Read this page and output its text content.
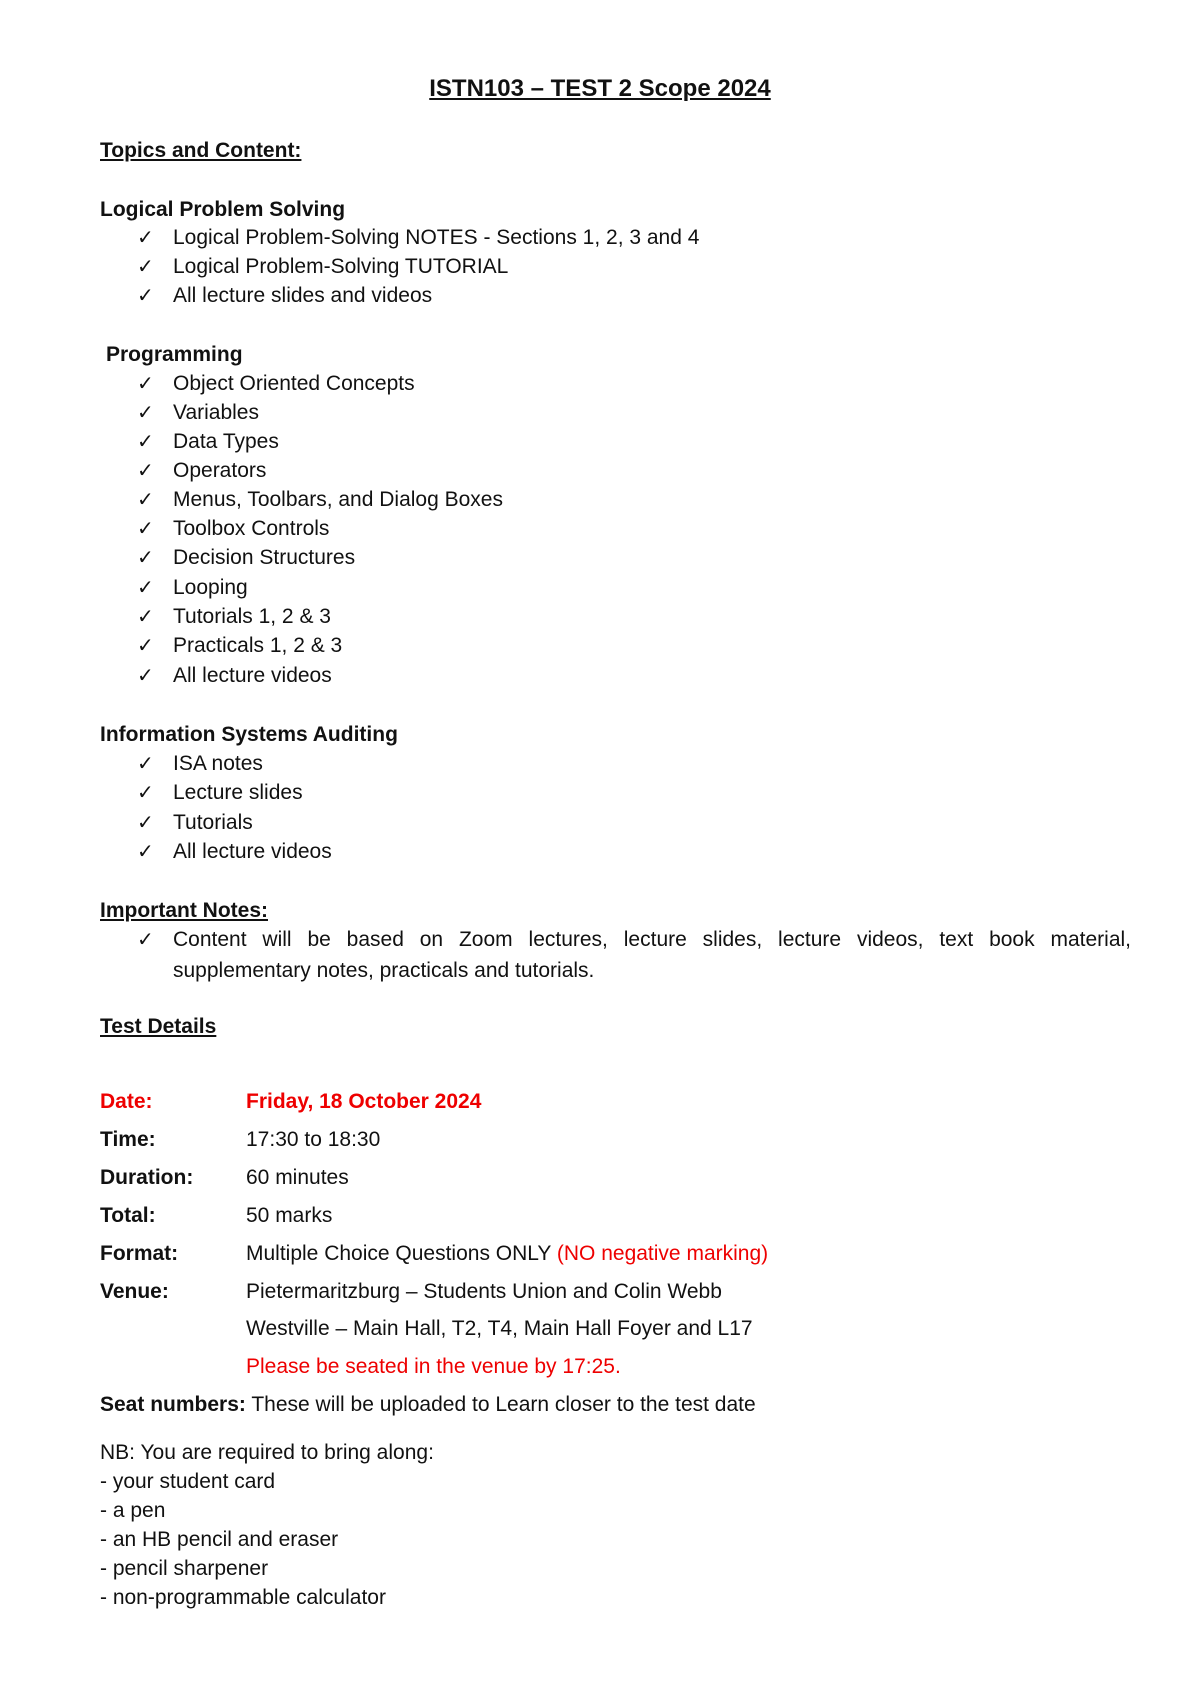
ISTN103 – TEST 2 Scope 2024
Topics and Content:
Logical Problem Solving
✓ Logical Problem-Solving NOTES - Sections 1, 2, 3 and 4
✓ Logical Problem-Solving TUTORIAL
✓ All lecture slides and videos
Programming
✓ Object Oriented Concepts
✓ Variables
✓ Data Types
✓ Operators
✓ Menus, Toolbars, and Dialog Boxes
✓ Toolbox Controls
✓ Decision Structures
✓ Looping
✓ Tutorials 1, 2 & 3
✓ Practicals 1, 2 & 3
✓ All lecture videos
Information Systems Auditing
✓ ISA notes
✓ Lecture slides
✓ Tutorials
✓ All lecture videos
Important Notes:
✓ Content will be based on Zoom lectures, lecture slides, lecture videos, text book material, supplementary notes, practicals and tutorials.
Test Details
Date:	Friday, 18 October 2024
Time:	17:30 to 18:30
Duration:	60 minutes
Total:	50 marks
Format:	Multiple Choice Questions ONLY (NO negative marking)
Venue:	Pietermaritzburg – Students Union and Colin Webb
Westville – Main Hall, T2, T4, Main Hall Foyer and L17
Please be seated in the venue by 17:25.
Seat numbers: These will be uploaded to Learn closer to the test date
NB: You are required to bring along:
- your student card
- a pen
- an HB pencil and eraser
- pencil sharpener
- non-programmable calculator
